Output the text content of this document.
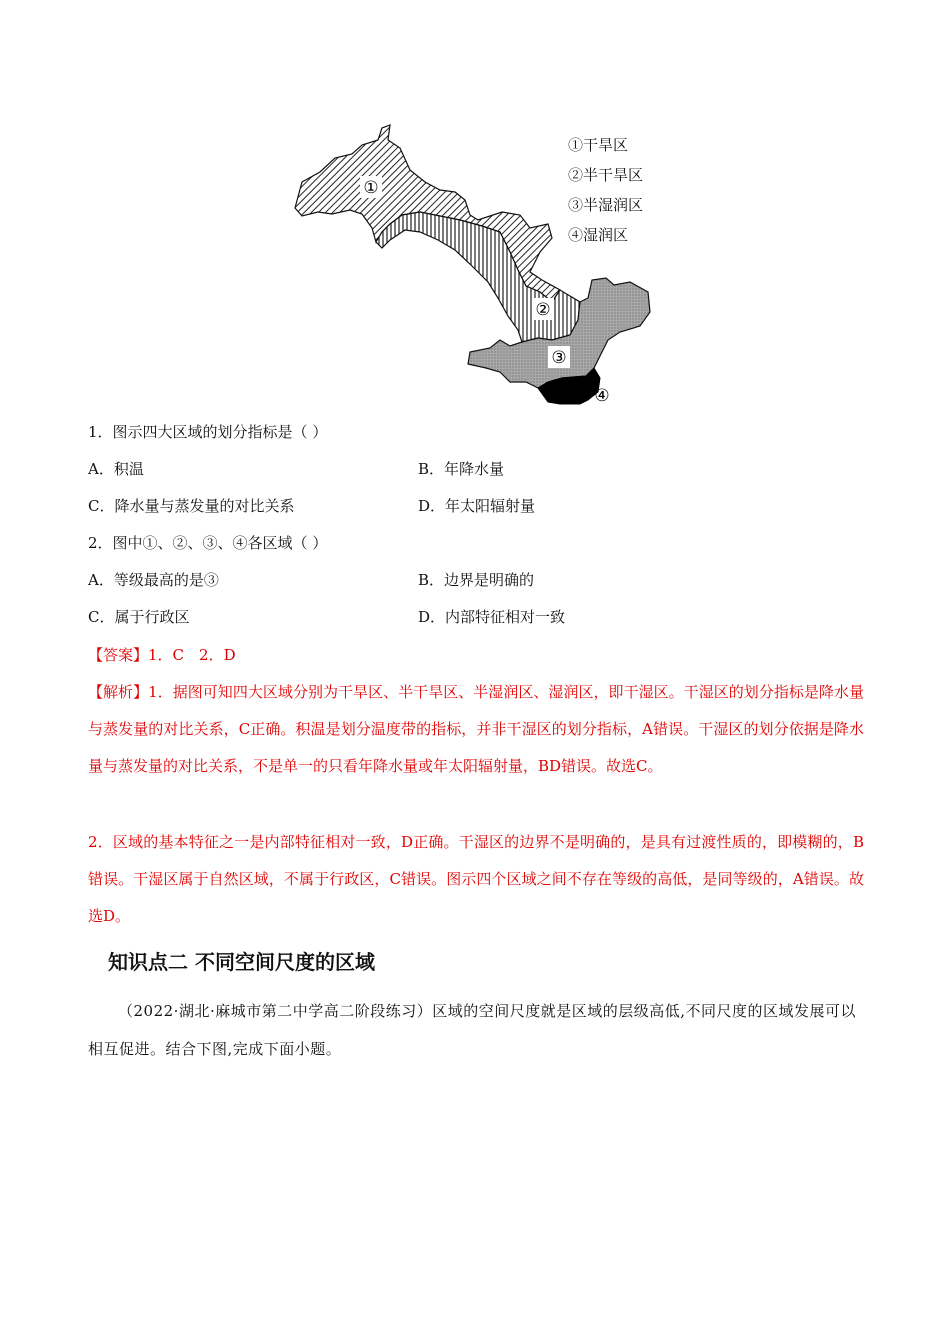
①
②
③
④
①干旱区
②半干旱区
③半湿润区
④湿润区
1．图示四大区域的划分指标是（ ）
A．积温	B．年降水量
C．降水量与蒸发量的对比关系	D．年太阳辐射量
2．图中①、②、③、④各区域（ ）
A．等级最高的是③	B．边界是明确的
C．属于行政区	D．内部特征相对一致
【答案】1．C　2．D
【解析】1．据图可知四大区域分别为干旱区、半干旱区、半湿润区、湿润区，即干湿区。干湿区的划分指标是降水量与蒸发量的对比关系，C正确。积温是划分温度带的指标，并非干湿区的划分指标，A错误。干湿区的划分依据是降水量与蒸发量的对比关系，不是单一的只看年降水量或年太阳辐射量，BD错误。故选C。
2．区域的基本特征之一是内部特征相对一致，D正确。干湿区的边界不是明确的，是具有过渡性质的，即模糊的，B错误。干湿区属于自然区域，不属于行政区，C错误。图示四个区域之间不存在等级的高低，是同等级的，A错误。故选D。
知识点二 不同空间尺度的区域
（2022·湖北·麻城市第二中学高二阶段练习）区域的空间尺度就是区域的层级高低,不同尺度的区域发展可以相互促进。结合下图,完成下面小题。
